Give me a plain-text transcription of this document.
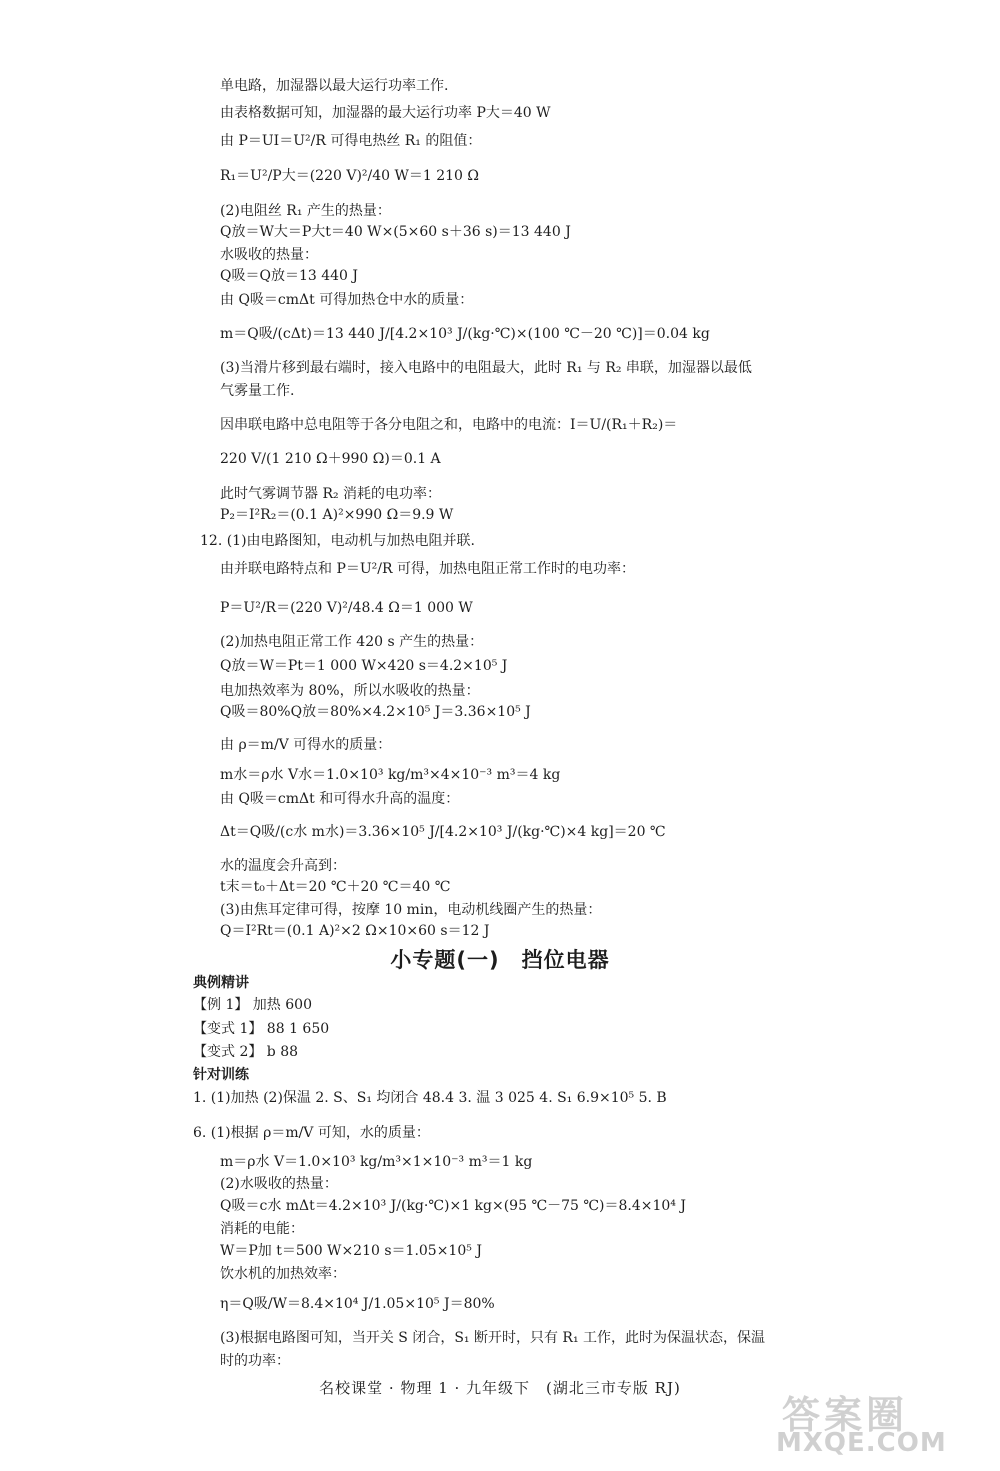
单电路，加湿器以最大运行功率工作.
由表格数据可知，加湿器的最大运行功率 P大＝40 W
由 P＝UI＝U²/R 可得电热丝 R₁ 的阻值：
R₁＝U²/P大＝(220 V)²/40 W＝1 210 Ω
(2)电阻丝 R₁ 产生的热量：
Q放＝W大＝P大t＝40 W×(5×60 s＋36 s)＝13 440 J
水吸收的热量：
Q吸＝Q放＝13 440 J
由 Q吸＝cmΔt 可得加热仓中水的质量：
m＝Q吸/(cΔt)＝13 440 J/[4.2×10³ J/(kg·℃)×(100 ℃－20 ℃)]＝0.04 kg
(3)当滑片移到最右端时，接入电路中的电阻最大，此时 R₁ 与 R₂ 串联，加湿器以最低
气雾量工作.
因串联电路中总电阻等于各分电阻之和，电路中的电流：I＝U/(R₁＋R₂)＝
220 V/(1 210 Ω＋990 Ω)＝0.1 A
此时气雾调节器 R₂ 消耗的电功率：
P₂＝I²R₂＝(0.1 A)²×990 Ω＝9.9 W
12. (1)由电路图知，电动机与加热电阻并联.
由并联电路特点和 P＝U²/R 可得，加热电阻正常工作时的电功率：
P＝U²/R＝(220 V)²/48.4 Ω＝1 000 W
(2)加热电阻正常工作 420 s 产生的热量：
Q放＝W＝Pt＝1 000 W×420 s＝4.2×10⁵ J
电加热效率为 80%，所以水吸收的热量：
Q吸＝80%Q放＝80%×4.2×10⁵ J＝3.36×10⁵ J
由 ρ＝m/V 可得水的质量：
m水＝ρ水 V水＝1.0×10³ kg/m³×4×10⁻³ m³＝4 kg
由 Q吸＝cmΔt 和可得水升高的温度：
Δt＝Q吸/(c水 m水)＝3.36×10⁵ J/[4.2×10³ J/(kg·℃)×4 kg]＝20 ℃
水的温度会升高到：
t末＝t₀＋Δt＝20 ℃＋20 ℃＝40 ℃
(3)由焦耳定律可得，按摩 10 min，电动机线圈产生的热量：
Q＝I²Rt＝(0.1 A)²×2 Ω×10×60 s＝12 J
典例精讲
【例 1】 加热 600
【变式 1】 88 1 650
【变式 2】 b 88
针对训练
1. (1)加热 (2)保温 2. S、S₁ 均闭合 48.4 3. 温 3 025 4. S₁ 6.9×10⁵ 5. B
6. (1)根据 ρ＝m/V 可知，水的质量：
m＝ρ水 V＝1.0×10³ kg/m³×1×10⁻³ m³＝1 kg
(2)水吸收的热量：
Q吸＝c水 mΔt＝4.2×10³ J/(kg·℃)×1 kg×(95 ℃－75 ℃)＝8.4×10⁴ J
消耗的电能：
W＝P加 t＝500 W×210 s＝1.05×10⁵ J
饮水机的加热效率：
η＝Q吸/W＝8.4×10⁴ J/1.05×10⁵ J＝80%
(3)根据电路图可知，当开关 S 闭合，S₁ 断开时，只有 R₁ 工作，此时为保温状态，保温
时的功率：
小专题(一)　挡位电器
名校课堂 · 物理 1 · 九年级下　(湖北三市专版 RJ)
答案圈
MXQE.COM
